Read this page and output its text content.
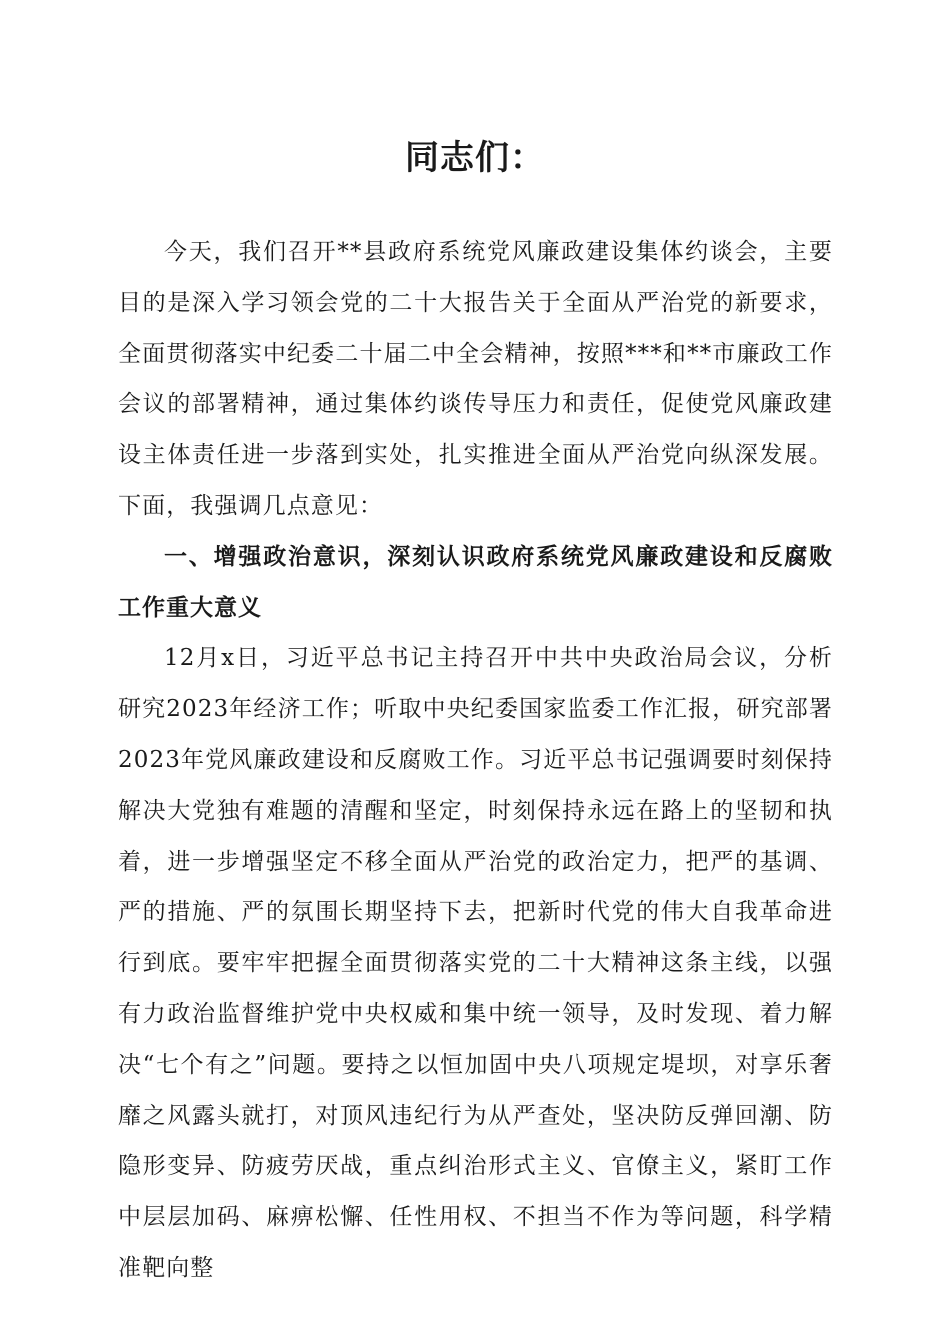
同志们：

今天，我们召开**县政府系统党风廉政建设集体约谈会，主要目的是深入学习领会党的二十大报告关于全面从严治党的新要求，全面贯彻落实中纪委二十届二中全会精神，按照***和**市廉政工作会议的部署精神，通过集体约谈传导压力和责任，促使党风廉政建设主体责任进一步落到实处，扎实推进全面从严治党向纵深发展。下面，我强调几点意见：

一、增强政治意识，深刻认识政府系统党风廉政建设和反腐败工作重大意义

12月x日，习近平总书记主持召开中共中央政治局会议，分析研究2023年经济工作；听取中央纪委国家监委工作汇报，研究部署2023年党风廉政建设和反腐败工作。习近平总书记强调要时刻保持解决大党独有难题的清醒和坚定，时刻保持永远在路上的坚韧和执着，进一步增强坚定不移全面从严治党的政治定力，把严的基调、严的措施、严的氛围长期坚持下去，把新时代党的伟大自我革命进行到底。要牢牢把握全面贯彻落实党的二十大精神这条主线，以强有力政治监督维护党中央权威和集中统一领导，及时发现、着力解决“七个有之”问题。要持之以恒加固中央八项规定堤坝，对享乐奢靡之风露头就打，对顶风违纪行为从严查处，坚决防反弹回潮、防隐形变异、防疲劳厌战，重点纠治形式主义、官僚主义，紧盯工作中层层加码、麻痹松懈、任性用权、不担当不作为等问题，科学精准靶向整
